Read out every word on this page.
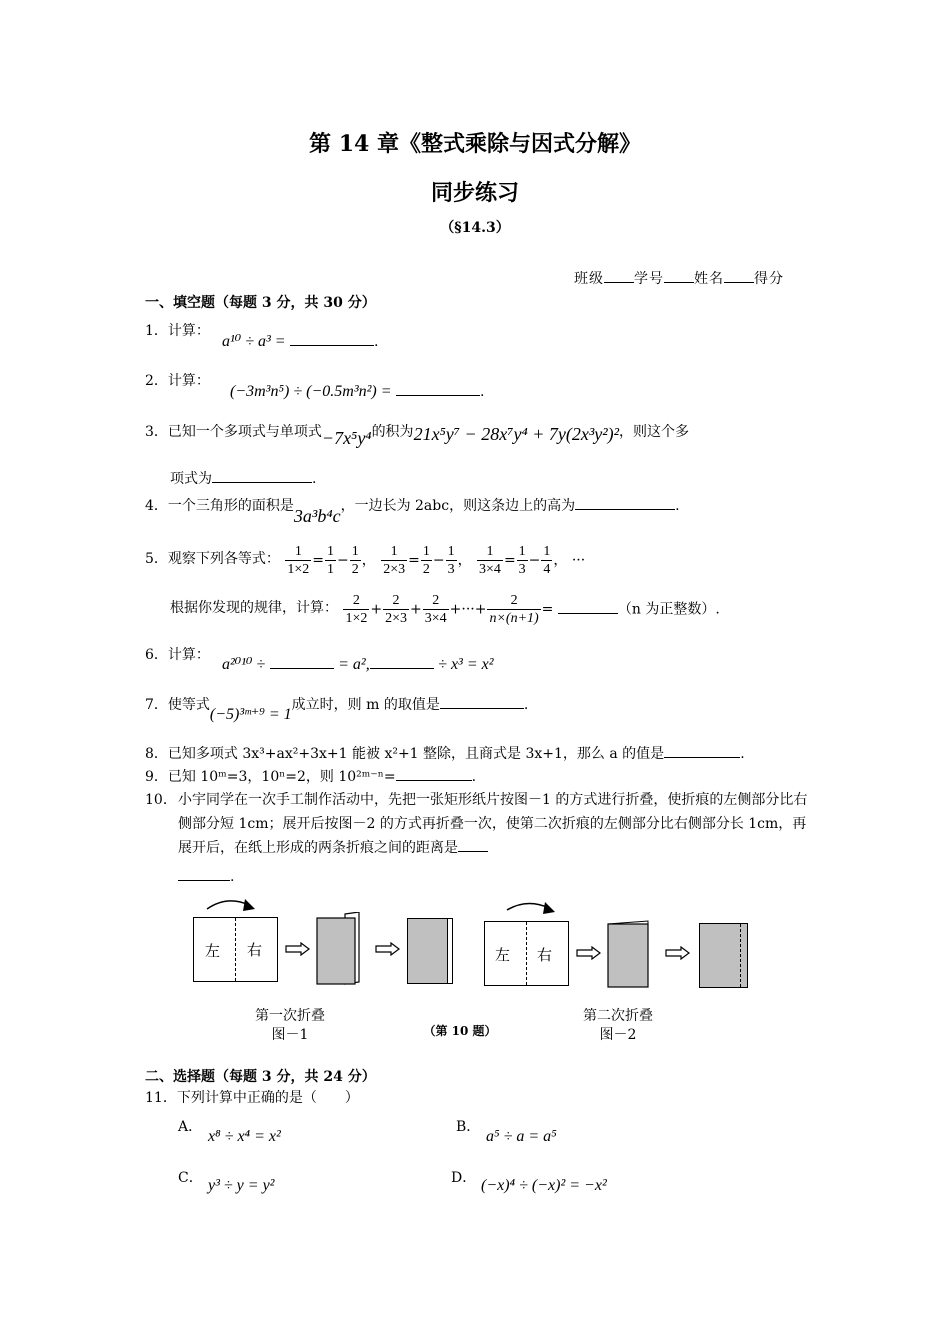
第 14 章《整式乘除与因式分解》
同步练习
（§14.3）
班级 学号 姓名 得分
一、填空题（每题 3 分，共 30 分）
1．计算：
a¹⁰ ÷ a³ =	.
2．计算：
(−3m³n⁵) ÷ (−0.5m³n²) =	.
3．已知一个多项式与单项式−7x⁵y⁴的积为21x⁵y⁷ − 28x⁷y⁴ + 7y(2x³y²)²，则这个多
项式为	.
4．一个三角形的面积是3a³b⁴c，一边长为 2abc，则这条边上的高为	.
5．观察下列各等式： $\frac{1}{1\times 2} = \frac{1}{1} - \frac{1}{2}$ ， $\frac{1}{2\times 3} = \frac{1}{2} - \frac{1}{3}$ ， $\frac{1}{3\times 4} = \frac{1}{3} - \frac{1}{4}$ ， ···
根据你发现的规律，计算： $\frac{2}{1\times 2} + \frac{2}{2\times 3} + \frac{2}{3\times 4}$ +···+ $\frac{2}{n\times(n+1)}$ =	（n 为正整数）.
6．计算：
a²⁰¹⁰ ÷	= a²,	÷ x³ = x²
7．使等式(−5)³ᵐ⁺⁹ = 1成立时，则 m 的取值是	.
8．已知多项式 3x³+ax²+3x+1 能被 x²+1 整除，且商式是 3x+1，那么 a 的值是	.
9．已知 10ᵐ=3，10ⁿ=2，则 10²ᵐ⁻ⁿ=	.
10． 小宇同学在一次手工制作活动中，先把一张矩形纸片按图－1 的方式进行折叠，使折痕的左侧部分比右侧部分短 1cm；展开后按图－2 的方式再折叠一次，使第二次折痕的左侧部分比右侧部分长 1cm，再展开后，在纸上形成的两条折痕之间的距离是
.
左 右	左 右
第一次折叠
图－1	（第 10 题）
第二次折叠
图－2
二、选择题（每题 3 分，共 24 分）
11．下列计算中正确的是（　　）
A．
x⁸ ÷ x⁴ = x²
B．
a⁵ ÷ a = a⁵
C． y³ ÷ y = y²	D． (−x)⁴ ÷ (−x)² = −x²
